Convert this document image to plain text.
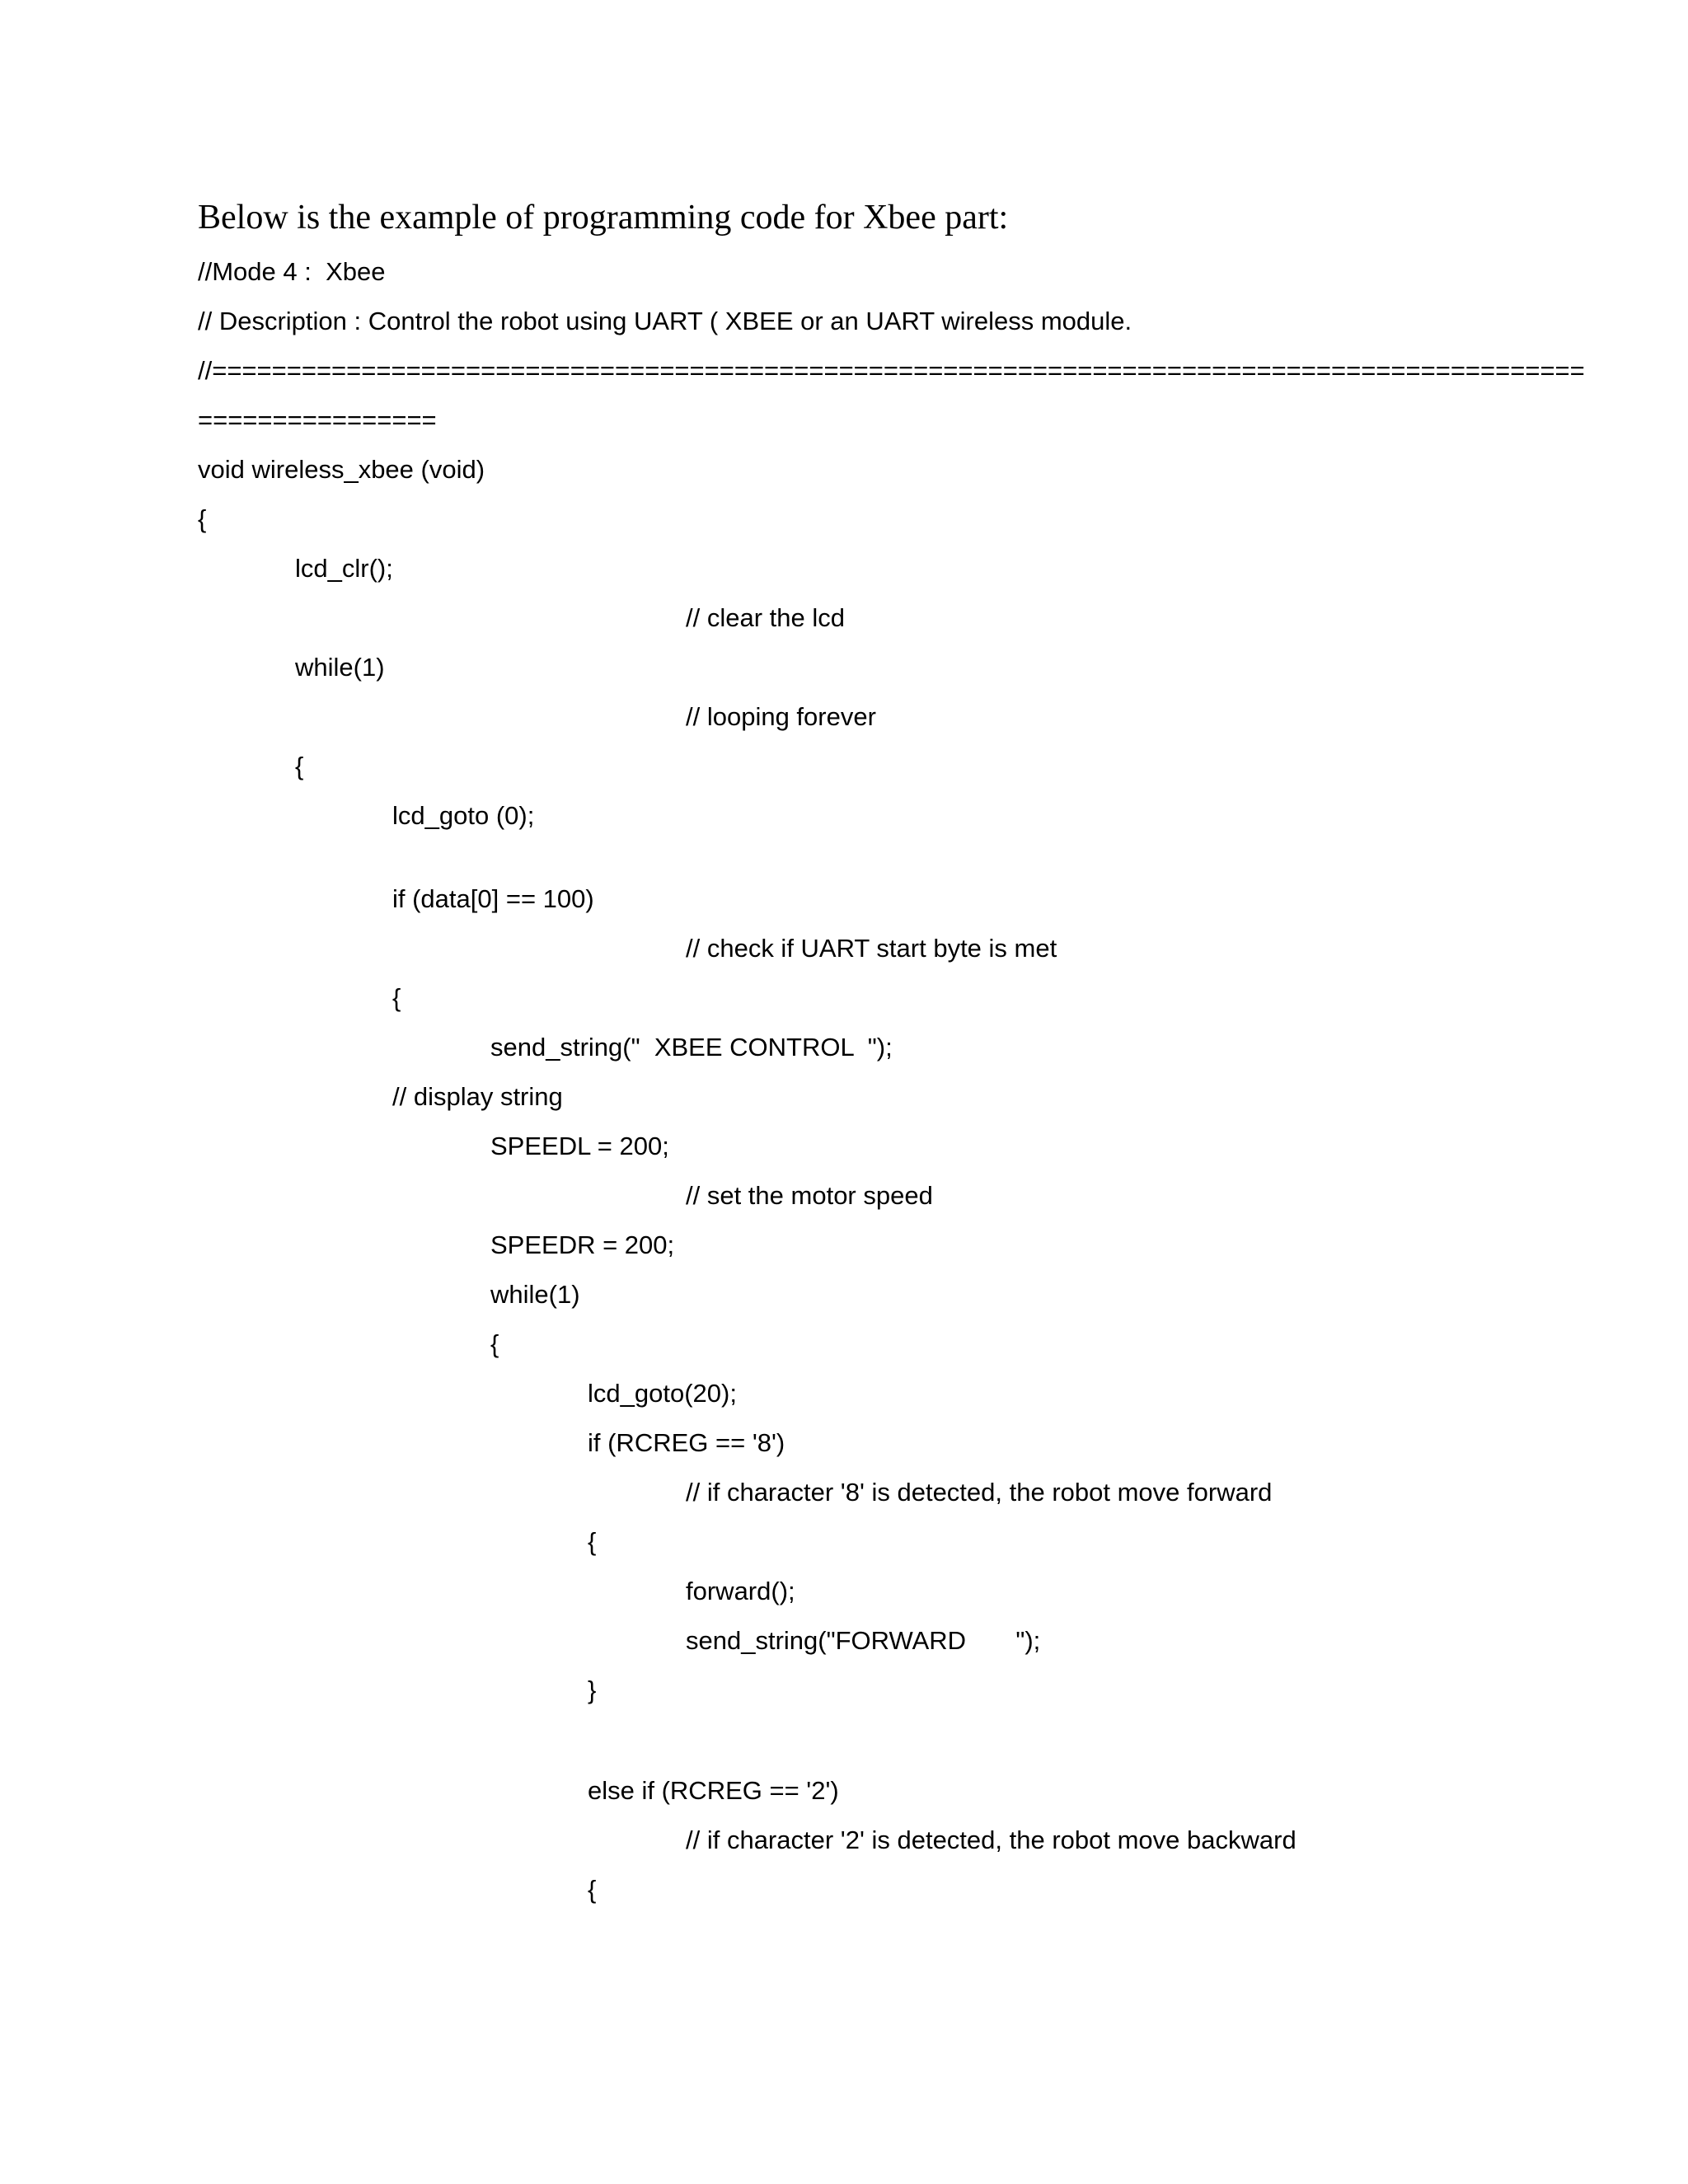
Below is the example of programming code for Xbee part:
//Mode 4 :  Xbee
// Description : Control the robot using UART ( XBEE or an UART wireless module.
//============================================================================================
================
void wireless_xbee (void)
{
lcd_clr();
// clear the lcd
while(1)
// looping forever
{
lcd_goto (0);
if (data[0] == 100)
// check if UART start byte is met
{
send_string("  XBEE CONTROL  ");
// display string
SPEEDL = 200;
// set the motor speed
SPEEDR = 200;
while(1)
{
lcd_goto(20);
if (RCREG == '8')
// if character '8' is detected, the robot move forward
{
forward();
send_string("FORWARD       ");
}
else if (RCREG == '2')
// if character '2' is detected, the robot move backward
{
